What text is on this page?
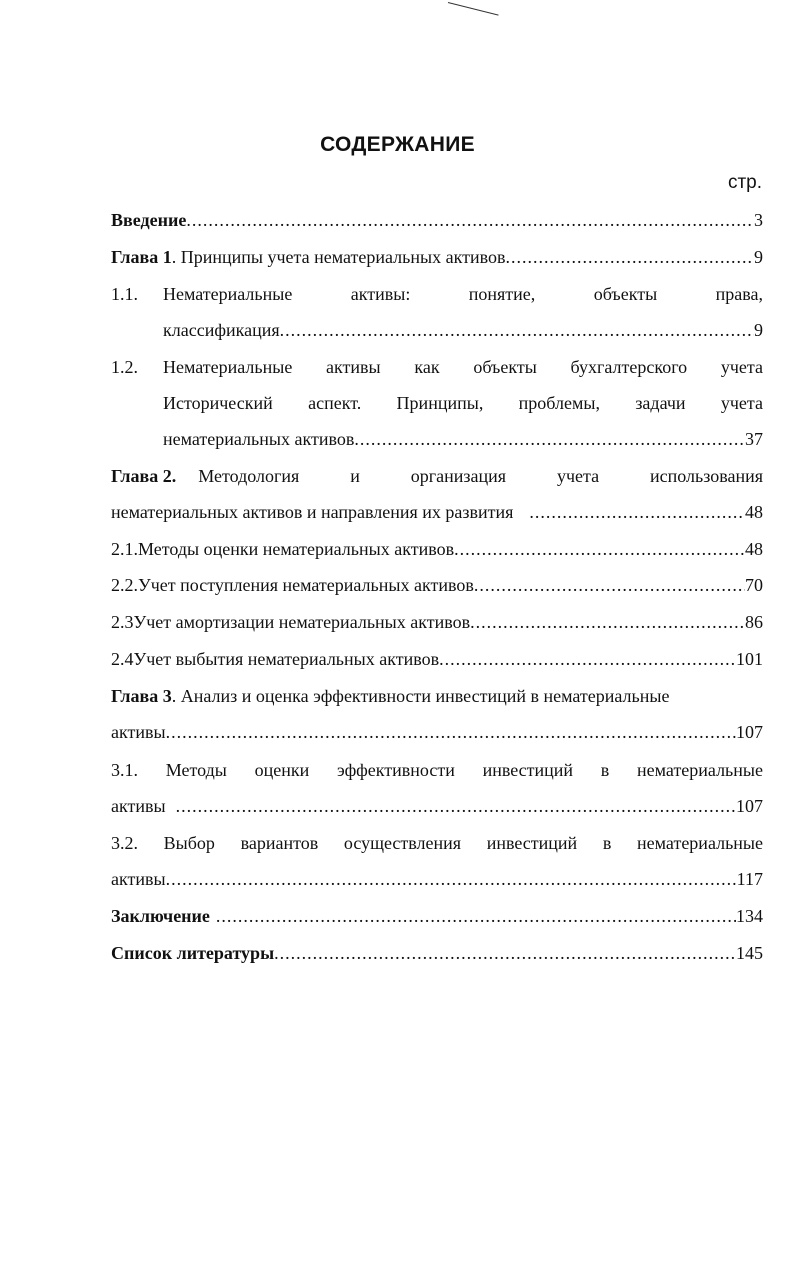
СОДЕРЖАНИЕ
стр.
Введение .....	3
Глава 1 . Принципы учета нематериальных активов .....	9
1.1.	Нематериальные активы: понятие, объекты права,
классификация .....	9
1.2.	Нематериальные активы как объекты бухгалтерского учета
Исторический аспект. Принципы, проблемы, задачи учета
нематериальных активов .....	37
Глава 2. Методология и организация учета использования
нематериальных активов и направления их развития .....	48
2.1. Методы оценки нематериальных активов .....	48
2.2. Учет поступления нематериальных активов .....	70
2.3 Учет амортизации нематериальных активов .....	86
2.4 Учет выбытия нематериальных активов .....	101
Глава 3. Анализ и оценка эффективности инвестиций в нематериальные
активы .....	107
3.1. Методы оценки эффективности инвестиций в нематериальные
активы .....	107
3.2. Выбор вариантов осуществления инвестиций в нематериальные
активы .....	117
Заключение .....	134
Список литературы .....	145
